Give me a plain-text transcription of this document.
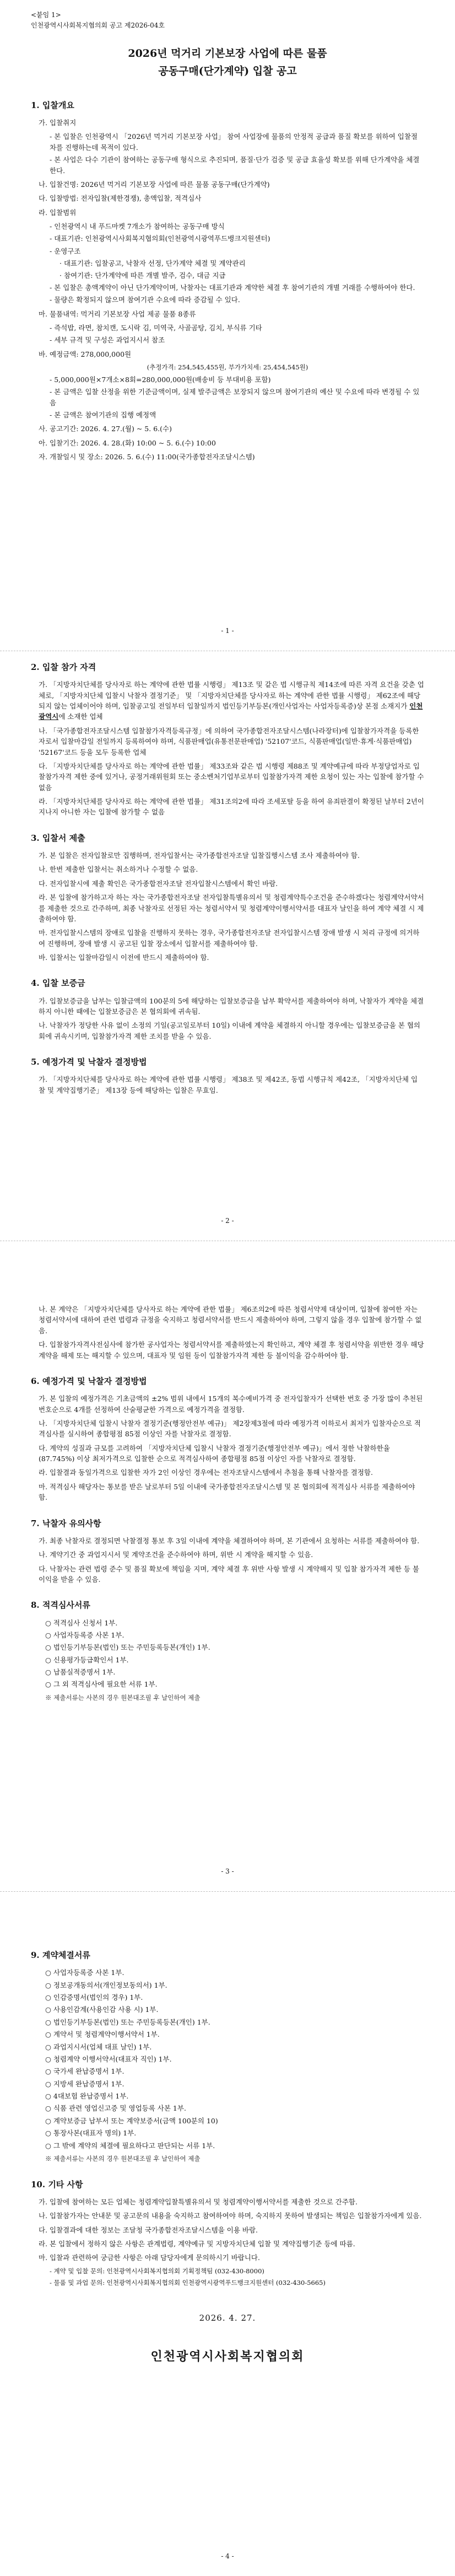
<붙임 1>
인천광역시사회복지협의회 공고 제2026-04호
2026년 먹거리 기본보장 사업에 따른 물품
공동구매(단가계약) 입찰 공고
1. 입찰개요
가. 입찰취지
- 본 입찰은 인천광역시 「2026년 먹거리 기본보장 사업」 참여 사업장에 물품의 안정적 공급과 품질 확보를 위하여 입찰절차를 진행하는데 목적이 있다.
- 본 사업은 다수 기관이 참여하는 공동구매 형식으로 추진되며, 품질·단가 검증 및 공급 효율성 확보를 위해 단가계약을 체결한다.
나. 입찰건명: 2026년 먹거리 기본보장 사업에 따른 물품 공동구매(단가계약)
다. 입찰방법: 전자입찰(제한경쟁), 총액입찰, 적격심사
라. 입찰범위
- 인천광역시 내 푸드마켓 7개소가 참여하는 공동구매 방식
- 대표기관: 인천광역시사회복지협의회(인천광역시광역푸드뱅크지원센터)
- 운영구조
· 대표기관: 입찰공고, 낙찰자 선정, 단가계약 체결 및 계약관리
· 참여기관: 단가계약에 따른 개별 발주, 검수, 대금 지급
- 본 입찰은 총액계약이 아닌 단가계약이며, 낙찰자는 대표기관과 계약한 체결 후 참여기관의 개별 거래를 수행하여야 한다.
- 물량은 확정되지 않으며 참여기관 수요에 따라 증감될 수 있다.
마. 물품내역: 먹거리 기본보장 사업 제공 물품 8종류
- 즉석밥, 라면, 참치캔, 도시락 김, 미역국, 사골곰탕, 김치, 부식류 기타
- 세부 규격 및 구성은 과업지시서 참조
바. 예정금액: 278,000,000원
(추정가격: 254,545,455원, 부가가치세: 25,454,545원)
- 5,000,000원×7개소×8회=280,000,000원(배송비 등 부대비용 포함)
- 본 금액은 입찰 산정을 위한 기준금액이며, 실제 발주금액은 보장되지 않으며 참여기관의 예산 및 수요에 따라 변경될 수 있음
- 본 금액은 참여기관의 집행 예정액
사. 공고기간: 2026. 4. 27.(월) ~ 5. 6.(수)
아. 입찰기간: 2026. 4. 28.(화) 10:00 ~ 5. 6.(수) 10:00
자. 개찰일시 및 장소: 2026. 5. 6.(수) 11:00(국가종합전자조달시스템)
- 1 -
2. 입찰 참가 자격
가. 「지방자치단체를 당사자로 하는 계약에 관한 법률 시행령」 제13조 및 같은 법 시행규칙 제14조에 따른 자격 요건을 갖춘 업체로, 「지방자치단체 입찰시 낙찰자 결정기준」 및 「지방자치단체를 당사자로 하는 계약에 관한 법률 시행령」 제62조에 해당되지 않는 업체이어야 하며, 입찰공고일 전일부터 입찰일까지 법인등기부등본(개인사업자는 사업자등록증)상 본점 소재지가 인천광역시에 소재한 업체
나. 「국가종합전자조달시스템 입찰참가자격등록규정」에 의하여 국가종합전자조달시스템(나라장터)에 입찰참가자격을 등록한 자로서 입찰마감일 전일까지 등록하여야 하며, 식품판매업(유통전문판매업) '52107'코드, 식품판매업(일반·휴게·식품판매업) '52167'코드 등을 모두 등록한 업체
다. 「지방자치단체를 당사자로 하는 계약에 관한 법률」 제33조와 같은 법 시행령 제88조 및 계약예규에 따라 부정당업자로 입찰참가자격 제한 중에 있거나, 공정거래위원회 또는 중소벤처기업부로부터 입찰참가자격 제한 요청이 있는 자는 입찰에 참가할 수 없음
라. 「지방자치단체를 당사자로 하는 계약에 관한 법률」 제31조의2에 따라 조세포탈 등을 하여 유죄판결이 확정된 날부터 2년이 지나지 아니한 자는 입찰에 참가할 수 없음
3. 입찰서 제출
가. 본 입찰은 전자입찰로만 집행하며, 전자입찰서는 국가종합전자조달 입찰집행시스템 조사 제출하여야 함.
나. 한번 제출한 입찰서는 취소하거나 수정할 수 없음.
다. 전자입찰시에 제출 확인은 국가종합전자조달 전자입찰시스템에서 확인 바람.
라. 본 입찰에 참가하고자 하는 자는 국가종합전자조달 전자입찰특별유의서 및 청렴계약특수조건을 준수하겠다는 청렴계약서약서를 제출한 것으로 간주하며, 최종 낙찰자로 선정된 자는 청렴서약서 및 청렴계약이행서약서를 대표자 날인을 하여 계약 체결 시 제출하여야 함.
마. 전자입찰시스템의 장애로 입찰을 진행하지 못하는 경우, 국가종합전자조달 전자입찰시스템 장애 발생 시 처리 규정에 의거하여 진행하며, 장애 발생 시 공고된 입찰 장소에서 입찰서를 제출하여야 함.
바. 입찰서는 입찰마감일시 이전에 반드시 제출하여야 함.
4. 입찰 보증금
가. 입찰보증금을 납부는 입찰금액의 100분의 5에 해당하는 입찰보증금을 납부 확약서를 제출하여야 하며, 낙찰자가 계약을 체결하지 아니한 때에는 입찰보증금은 본 협의회에 귀속됨.
나. 낙찰자가 정당한 사유 없이 소정의 기일(공고일로부터 10일) 이내에 계약을 체결하지 아니할 경우에는 입찰보증금을 본 협의회에 귀속시키며, 입찰참가자격 제한 조치를 받을 수 있음.
5. 예정가격 및 낙찰자 결정방법
가. 「지방자치단체를 당사자로 하는 계약에 관한 법률 시행령」 제38조 및 제42조, 동법 시행규칙 제42조, 「지방자치단체 입찰 및 계약집행기준」 제13장 등에 해당하는 입찰은 무효임.
- 2 -
나. 본 계약은 「지방자치단체를 당사자로 하는 계약에 관한 법률」 제6조의2에 따른 청렴서약제 대상이며, 입찰에 참여한 자는 청렴서약서에 대하여 관련 법령과 규정을 숙지하고 청렴서약서를 반드시 제출하여야 하며, 그렇지 않을 경우 입찰에 참가할 수 없음.
다. 입찰참가자격사전심사에 참가한 공사업자는 청렴서약서를 제출하였는지 확인하고, 계약 체결 후 청렴서약을 위반한 경우 해당 계약을 해제 또는 해지할 수 있으며, 대표자 및 임원 등이 입찰참가자격 제한 등 불이익을 감수하여야 함.
6. 예정가격 및 낙찰자 결정방법
가. 본 입찰의 예정가격은 기초금액의 ±2% 범위 내에서 15개의 복수예비가격 중 전자입찰자가 선택한 번호 중 가장 많이 추천된 번호순으로 4개를 선정하여 산술평균한 가격으로 예정가격을 결정함.
나. 「지방자치단체 입찰시 낙찰자 결정기준(행정안전부 예규)」 제2장제3절에 따라 예정가격 이하로서 최저가 입찰자순으로 적격심사를 실시하여 종합평점 85점 이상인 자를 낙찰자로 결정함.
다. 계약의 성질과 규모를 고려하여 「지방자치단체 입찰시 낙찰자 결정기준(행정안전부 예규)」에서 정한 낙찰하한율(87.745%) 이상 최저가격으로 입찰한 순으로 적격심사하여 종합평점 85점 이상인 자를 낙찰자로 결정함.
라. 입찰결과 동일가격으로 입찰한 자가 2인 이상인 경우에는 전자조달시스템에서 추첨을 통해 낙찰자를 결정함.
마. 적격심사 해당자는 통보를 받은 날로부터 5일 이내에 국가종합전자조달시스템 및 본 협의회에 적격심사 서류를 제출하여야 함.
7. 낙찰자 유의사항
가. 최종 낙찰자로 결정되면 낙찰결정 통보 후 3일 이내에 계약을 체결하여야 하며, 본 기관에서 요청하는 서류를 제출하여야 함.
나. 계약기간 중 과업지시서 및 계약조건을 준수하여야 하며, 위반 시 계약을 해지할 수 있음.
다. 낙찰자는 관련 법령 준수 및 품질 확보에 책임을 지며, 계약 체결 후 위반 사항 발생 시 계약해지 및 입찰 참가자격 제한 등 불이익을 받을 수 있음.
8. 적격심사서류
○ 적격심사 신청서 1부.
○ 사업자등록증 사본 1부.
○ 법인등기부등본(법인) 또는 주민등록등본(개인) 1부.
○ 신용평가등급확인서 1부.
○ 납품실적증명서 1부.
○ 그 외 적격심사에 필요한 서류 1부.
※ 제출서류는 사본의 경우 원본대조필 후 날인하여 제출
- 3 -
9. 계약체결서류
○ 사업자등록증 사본 1부.
○ 정보공개동의서(개인정보동의서) 1부.
○ 인감증명서(법인의 경우) 1부.
○ 사용인감계(사용인감 사용 시) 1부.
○ 법인등기부등본(법인) 또는 주민등록등본(개인) 1부.
○ 계약서 및 청렴계약이행서약서 1부.
○ 과업지시서(업체 대표 날인) 1부.
○ 청렴계약 이행서약서(대표자 직인) 1부.
○ 국가세 완납증명서 1부.
○ 지방세 완납증명서 1부.
○ 4대보험 완납증명서 1부.
○ 식품 관련 영업신고증 및 영업등록 사본 1부.
○ 계약보증금 납부서 또는 계약보증서(금액 100분의 10)
○ 통장사본(대표자 명의) 1부.
○ 그 밖에 계약의 체결에 필요하다고 판단되는 서류 1부.
※ 제출서류는 사본의 경우 원본대조필 후 날인하여 제출
10. 기타 사항
가. 입찰에 참여하는 모든 업체는 청렴계약입찰특별유의서 및 청렴계약이행서약서를 제출한 것으로 간주함.
나. 입찰참가자는 안내문 및 공고문의 내용을 숙지하고 참여하여야 하며, 숙지하지 못하여 발생되는 책임은 입찰참가자에게 있음.
다. 입찰결과에 대한 정보는 조달청 국가종합전자조달시스템을 이용 바람.
라. 본 입찰에서 정하지 않은 사항은 관계법령, 계약예규 및 지방자치단체 입찰 및 계약집행기준 등에 따름.
마. 입찰과 관련하여 궁금한 사항은 아래 담당자에게 문의하시기 바랍니다.
- 계약 및 입찰 문의: 인천광역시사회복지협의회 기획정책팀 (032-430-8000)
- 물품 및 과업 문의: 인천광역시사회복지협의회 인천광역시광역푸드뱅크지원센터 (032-430-5665)
2026. 4. 27.
인천광역시사회복지협의회
- 4 -
